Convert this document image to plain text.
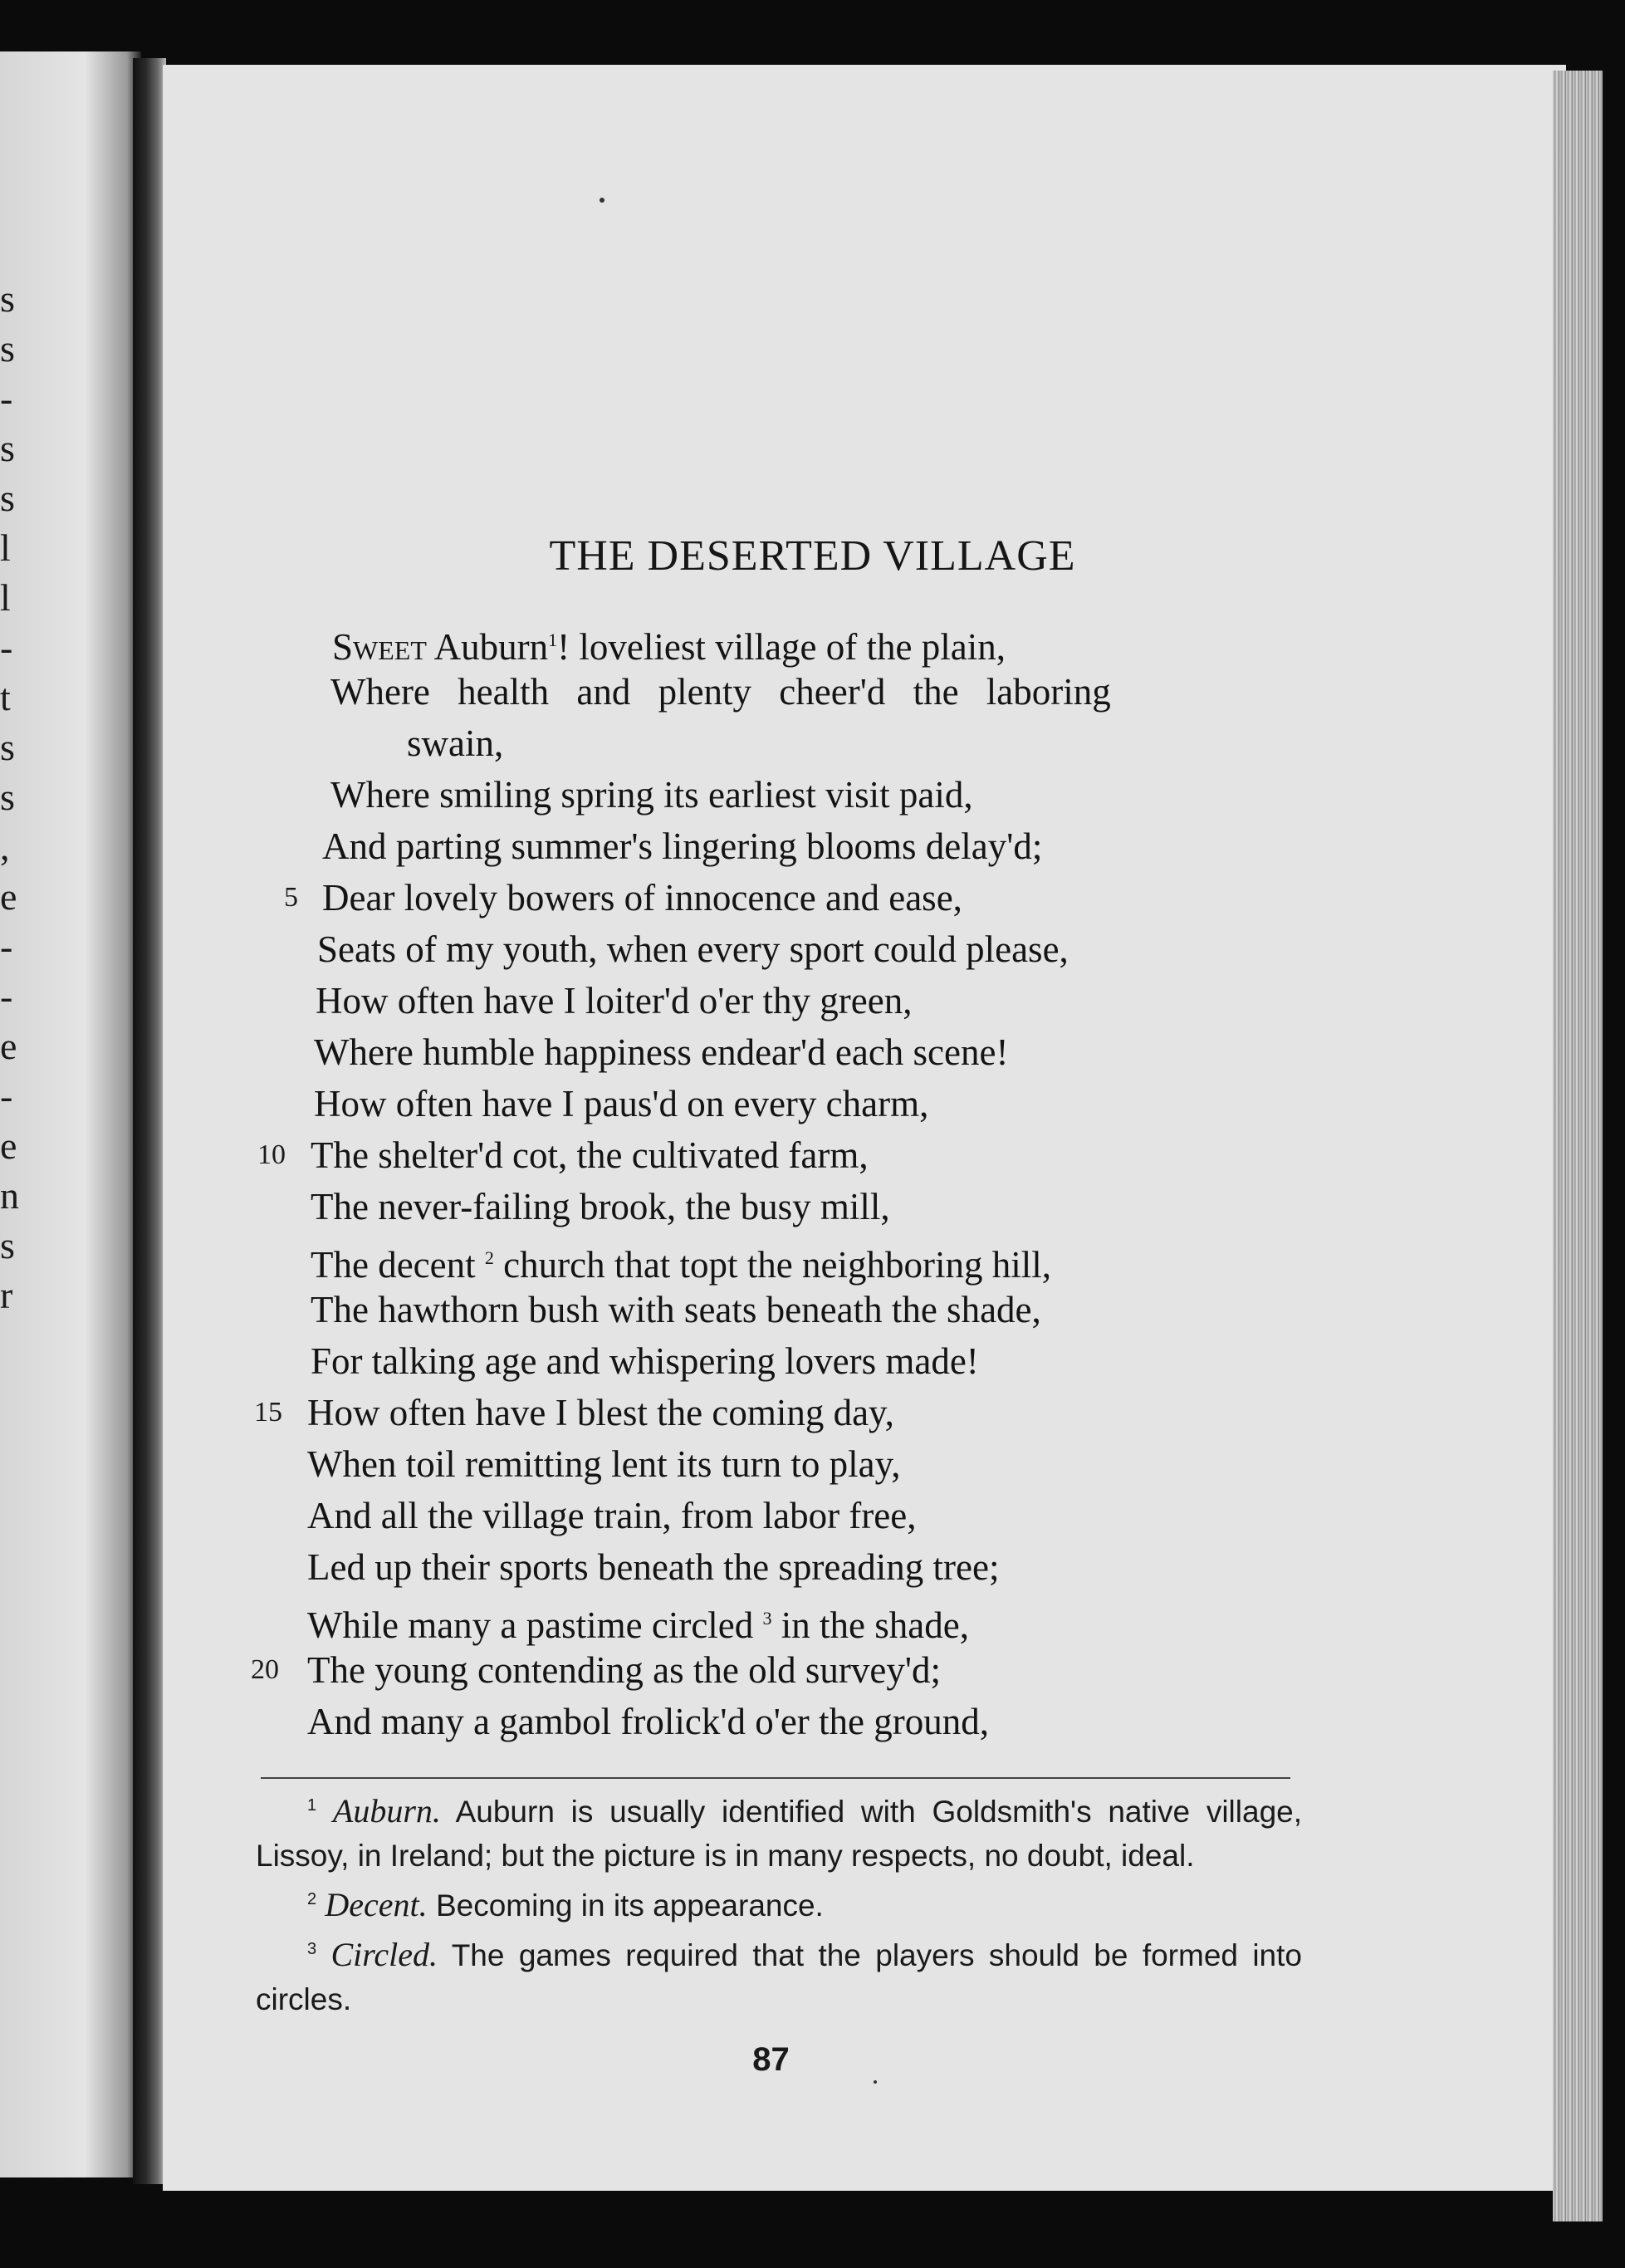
s
s
-
s
s
l
l
-
t
s
s
,
e
-
-
e
-
e
n
s
r
THE DESERTED VILLAGE
Sweet Auburn$^1$! loveliest village of the plain,
Where health and plenty cheer'd the laboring
swain,
Where smiling spring its earliest visit paid,
And parting summer's lingering blooms delay'd;
5 Dear lovely bowers of innocence and ease,
Seats of my youth, when every sport could please,
How often have I loiter'd o'er thy green,
Where humble happiness endear'd each scene!
How often have I paus'd on every charm,
10 The shelter'd cot, the cultivated farm,
The never-failing brook, the busy mill,
The decent $^2$ church that topt the neighboring hill,
The hawthorn bush with seats beneath the shade,
For talking age and whispering lovers made!
15 How often have I blest the coming day,
When toil remitting lent its turn to play,
And all the village train, from labor free,
Led up their sports beneath the spreading tree;
While many a pastime circled $^3$ in the shade,
20 The young contending as the old survey'd;
And many a gambol frolick'd o'er the ground,
$^1$ Auburn. Auburn is usually identified with Goldsmith's native village, Lissoy, in Ireland; but the picture is in many respects, no doubt, ideal.
$^2$ Decent. Becoming in its appearance.
$^3$ Circled. The games required that the players should be formed into circles.
87
